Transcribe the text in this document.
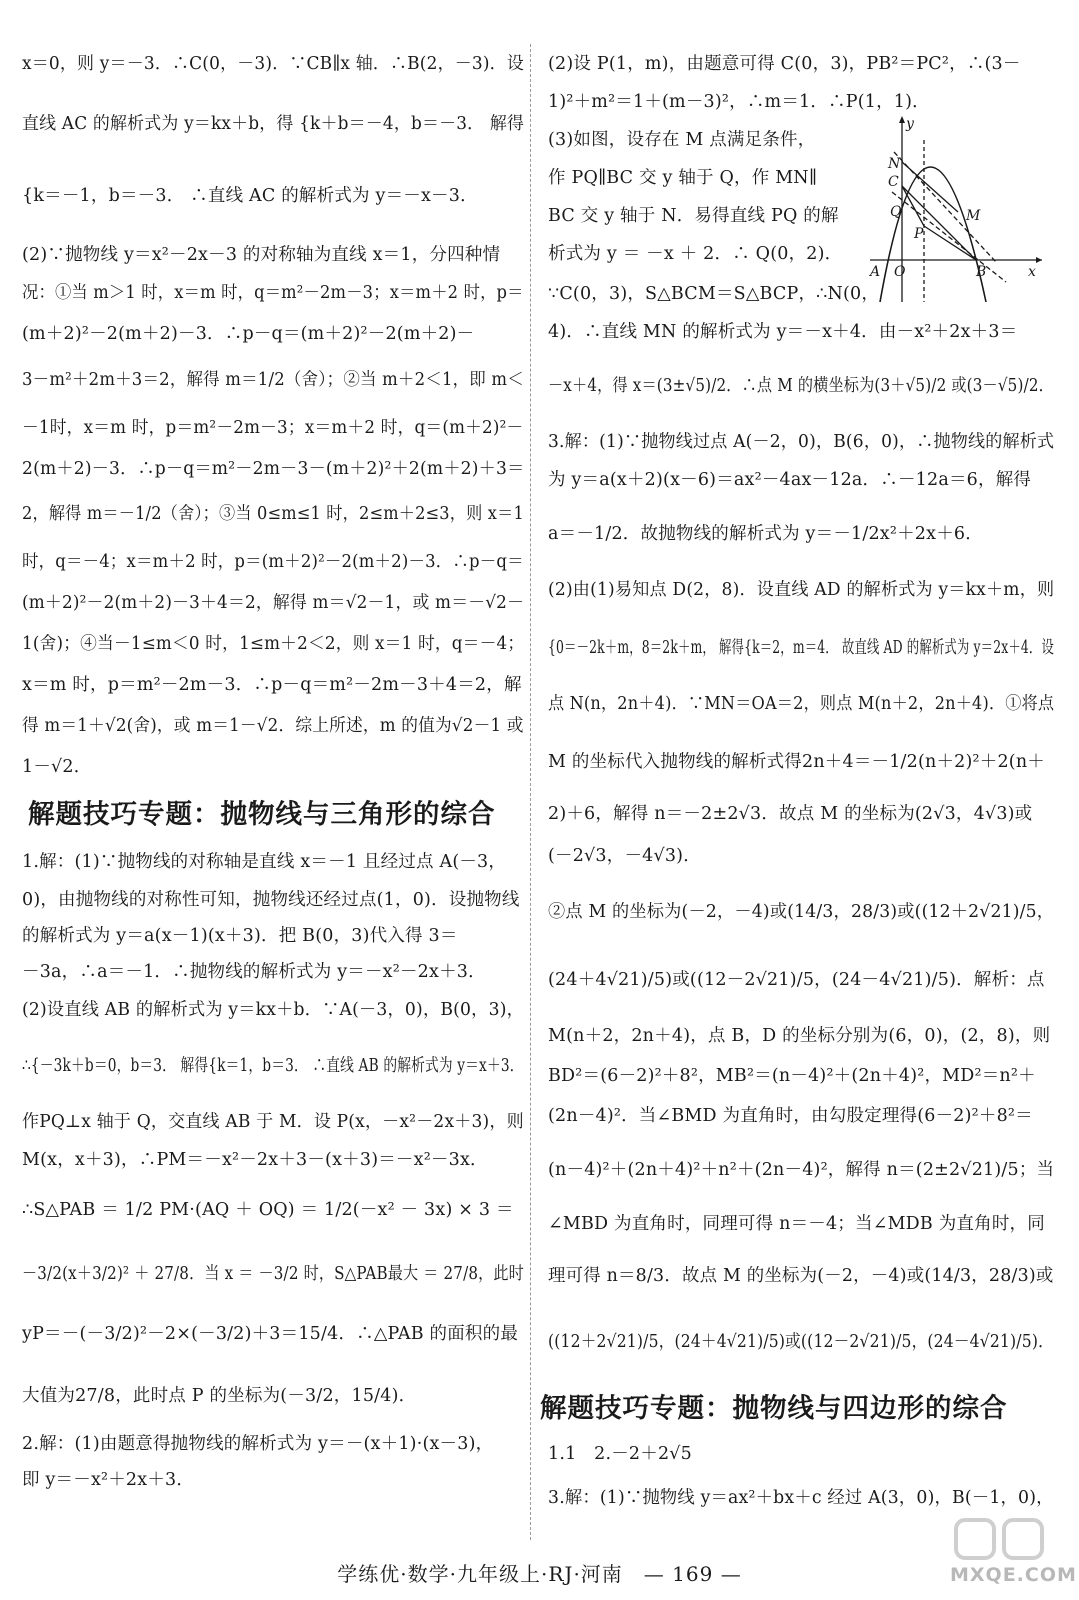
x＝0，则 y＝－3．∴C(0，－3)．∵CB∥x 轴．∴B(2，－3)．设
直线 AC 的解析式为 y＝kx＋b，得 {k＋b＝－4，b＝－3． 解得
{k＝－1，b＝－3． ∴直线 AC 的解析式为 y＝－x－3．
(2)∵抛物线 y＝x²－2x－3 的对称轴为直线 x＝1，分四种情
况：①当 m＞1 时，x＝m 时，q＝m²－2m－3；x＝m＋2 时，p＝
(m＋2)²－2(m＋2)－3．∴p－q＝(m＋2)²－2(m＋2)－
3－m²＋2m＋3＝2，解得 m＝1/2（舍）；②当 m＋2＜1，即 m＜
－1时，x＝m 时，p＝m²－2m－3；x＝m＋2 时，q＝(m＋2)²－
2(m＋2)－3．∴p－q＝m²－2m－3－(m＋2)²＋2(m＋2)＋3＝
2，解得 m＝－1/2（舍）；③当 0≤m≤1 时，2≤m＋2≤3，则 x＝1
时，q＝－4；x＝m＋2 时，p＝(m＋2)²－2(m＋2)－3．∴p－q＝
(m＋2)²－2(m＋2)－3＋4＝2，解得 m＝√2－1，或 m＝－√2－
1(舍)；④当－1≤m＜0 时，1≤m＋2＜2，则 x＝1 时，q＝－4；
x＝m 时，p＝m²－2m－3．∴p－q＝m²－2m－3＋4＝2，解
得 m＝1＋√2(舍)，或 m＝1－√2．综上所述，m 的值为√2－1 或
1－√2．
解题技巧专题：抛物线与三角形的综合
1.解：(1)∵抛物线的对称轴是直线 x＝－1 且经过点 A(－3，
0)，由抛物线的对称性可知，抛物线还经过点(1，0)．设抛物线
的解析式为 y＝a(x－1)(x＋3)．把 B(0，3)代入得 3＝
－3a，∴a＝－1．∴抛物线的解析式为 y＝－x²－2x＋3．
(2)设直线 AB 的解析式为 y＝kx＋b．∵A(－3，0)，B(0，3)，
∴{－3k＋b＝0，b＝3． 解得{k＝1，b＝3． ∴直线 AB 的解析式为 y＝x＋3．
作PQ⊥x 轴于 Q，交直线 AB 于 M．设 P(x，－x²－2x＋3)，则
M(x，x＋3)，∴PM＝－x²－2x＋3－(x＋3)＝－x²－3x．
∴S△PAB ＝ 1/2 PM·(AQ ＋ OQ) ＝ 1/2(－x² － 3x) × 3 ＝
－3/2(x＋3/2)² ＋ 27/8．当 x ＝ －3/2 时，S△PAB最大 ＝ 27/8，此时
yP＝－(－3/2)²－2×(－3/2)＋3＝15/4．∴△PAB 的面积的最
大值为27/8，此时点 P 的坐标为(－3/2，15/4)．
2.解：(1)由题意得抛物线的解析式为 y＝－(x＋1)·(x－3)，
即 y＝－x²＋2x＋3．
(2)设 P(1，m)，由题意可得 C(0，3)，PB²＝PC²，∴(3－
1)²＋m²＝1＋(m－3)²，∴m＝1．∴P(1，1)．
(3)如图，设存在 M 点满足条件，
作 PQ∥BC 交 y 轴于 Q，作 MN∥
BC 交 y 轴于 N．易得直线 PQ 的解
析式为 y ＝ －x ＋ 2．∴ Q(0，2)．
∵C(0，3)，S△BCM＝S△BCP，∴N(0，
4)．∴直线 MN 的解析式为 y＝－x＋4．由－x²＋2x＋3＝
－x＋4，得 x＝(3±√5)/2．∴点 M 的横坐标为(3＋√5)/2 或(3－√5)/2．
3.解：(1)∵抛物线过点 A(－2，0)，B(6，0)，∴抛物线的解析式
为 y＝a(x＋2)(x－6)＝ax²－4ax－12a．∴－12a＝6，解得
a＝－1/2．故抛物线的解析式为 y＝－1/2x²＋2x＋6．
(2)由(1)易知点 D(2，8)．设直线 AD 的解析式为 y＝kx＋m，则
{0＝－2k＋m，8＝2k＋m， 解得{k＝2，m＝4． 故直线 AD 的解析式为 y＝2x＋4．设
点 N(n，2n＋4)．∵MN＝OA＝2，则点 M(n＋2，2n＋4)．①将点
M 的坐标代入抛物线的解析式得2n＋4＝－1/2(n＋2)²＋2(n＋
2)＋6，解得 n＝－2±2√3．故点 M 的坐标为(2√3，4√3)或
(－2√3，－4√3)．
②点 M 的坐标为(－2，－4)或(14/3，28/3)或((12＋2√21)/5，
(24＋4√21)/5)或((12－2√21)/5，(24－4√21)/5)．解析：点
M(n＋2，2n＋4)，点 B，D 的坐标分别为(6，0)，(2，8)，则
BD²＝(6－2)²＋8²，MB²＝(n－4)²＋(2n＋4)²，MD²＝n²＋
(2n－4)²．当∠BMD 为直角时，由勾股定理得(6－2)²＋8²＝
(n－4)²＋(2n＋4)²＋n²＋(2n－4)²，解得 n＝(2±2√21)/5；当
∠MBD 为直角时，同理可得 n＝－4；当∠MDB 为直角时，同
理可得 n＝8/3．故点 M 的坐标为(－2，－4)或(14/3，28/3)或
((12＋2√21)/5，(24＋4√21)/5)或((12－2√21)/5，(24－4√21)/5)．
解题技巧专题：抛物线与四边形的综合
1.1　2.－2＋2√5
3.解：(1)∵抛物线 y＝ax²＋bx＋c 经过 A(3，0)，B(－1，0)，
y
x
N
C
Q
P
M
A O	B
学练优·数学·九年级上·RJ·河南　— 169 —	MXQE.COM
